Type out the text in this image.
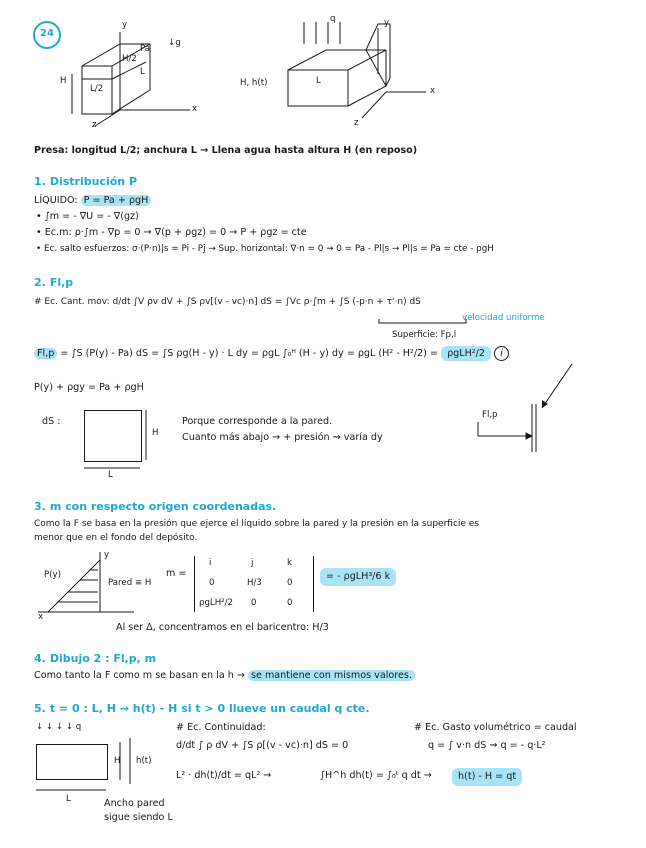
24
y
Pa
↓g
H/2
L
L/2
H
x
z
q	y
H, h(t)	L
x
z
Presa: longitud L/2; anchura L → Llena agua hasta altura H (en reposo)
1. Distribución P
LÍQUIDO: P = Pa + ρgH
• ∫m = - ∇U = - ∇(gz)
• Ec.m: ρ·∫m - ∇p = 0 → ∇(p + ρgz) = 0 → P + ρgz = cte
• Ec. salto esfuerzos: σ·(P·n)|s = Pi - Pj → Sup. horizontal: ∇·n = 0 ⇝ 0 = Pa - Pl|s → Pl|s = Pa = cte - ρgH
2. Fl,p
# Ec. Cant. mov: d/dt ∫V ρv dV + ∫S ρv[(v - vc)·n] dS = ∫Vc ρ·∫m + ∫S (-p·n + τ'·n) dS
velocidad uniforme
Superficie: Fp,l
Fl,p = ∫S (P(y) - Pa) dS = ∫S ρg(H - y) · L dy = ρgL ∫₀ᴴ (H - y) dy = ρgL (H² - H²/2) = ρgLH²/2 i
P(y) + ρgy = Pa + ρgH
dS :
H
L
Porque corresponde a la pared.
Cuanto más abajo → + presión ⇝ varía dy
Fl,p
3. m con respecto origen coordenadas.
Como la F se basa en la presión que ejerce el líquido sobre la pared y la presión en la superficie es
menor que en el fondo del depósito.
P(y)
y
x
Pared ≡ H
m =
i	j	k
0	H/3	0
ρgLH²/2 0	0
= - ρgLH³/6 k
Al ser Δ, concentramos en el baricentro: H/3
4. Dibujo 2 : Fl,p, m
Como tanto la F como m se basan en la h → se mantiene con mismos valores.
5. t = 0 : L, H ⇝ h(t) - H si t > 0 llueve un caudal q cte.
↓ ↓ ↓ ↓ q
H h(t)
L	Ancho pared
sigue siendo L
# Ec. Continuidad:
d/dt ∫ ρ dV + ∫S ρ[(v - vc)·n] dS = 0
L² · dh(t)/dt = qL² →	∫H^h dh(t) = ∫₀ᵗ q dt →	h(t) - H = qt
# Ec. Gasto volumétrico = caudal
q = ∫ v·n dS ⇝ q = - q·L²
